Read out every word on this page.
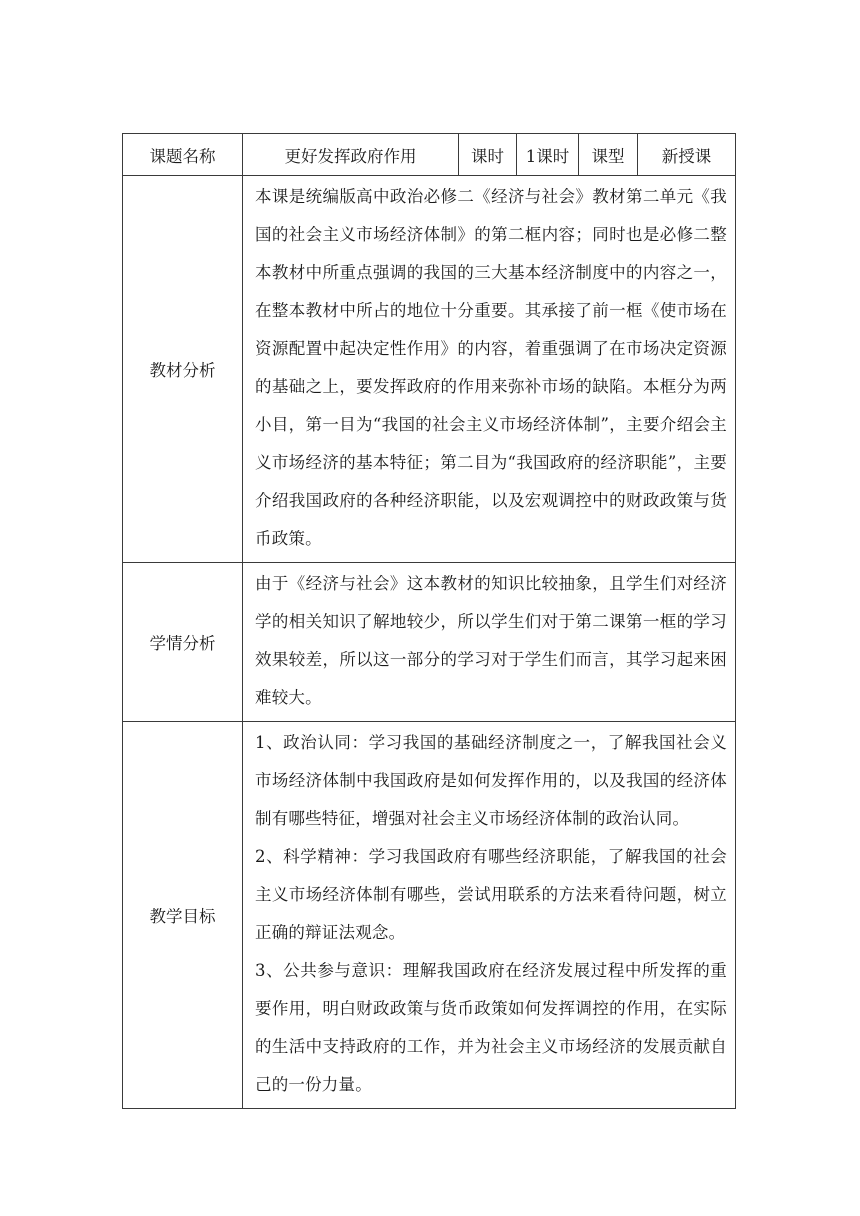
课题名称	更好发挥政府作用	课时	1课时	课型	新授课
教材分析	本课是统编版高中政治必修二《经济与社会》教材第二单元《我国的社会主义市场经济体制》的第二框内容；同时也是必修二整本教材中所重点强调的我国的三大基本经济制度中的内容之一，在整本教材中所占的地位十分重要。其承接了前一框《使市场在资源配置中起决定性作用》的内容，着重强调了在市场决定资源的基础之上，要发挥政府的作用来弥补市场的缺陷。本框分为两小目，第一目为“我国的社会主义市场经济体制”，主要介绍会主义市场经济的基本特征；第二目为“我国政府的经济职能”，主要介绍我国政府的各种经济职能，以及宏观调控中的财政政策与货币政策。				
学情分析	由于《经济与社会》这本教材的知识比较抽象，且学生们对经济学的相关知识了解地较少，所以学生们对于第二课第一框的学习效果较差，所以这一部分的学习对于学生们而言，其学习起来困难较大。				
教学目标	1、政治认同：学习我国的基础经济制度之一，了解我国社会义市场经济体制中我国政府是如何发挥作用的，以及我国的经济体制有哪些特征，增强对社会主义市场经济体制的政治认同。
2、科学精神：学习我国政府有哪些经济职能，了解我国的社会主义市场经济体制有哪些，尝试用联系的方法来看待问题，树立正确的辩证法观念。
3、公共参与意识：理解我国政府在经济发展过程中所发挥的重要作用，明白财政政策与货币政策如何发挥调控的作用，在实际的生活中支持政府的工作，并为社会主义市场经济的发展贡献自己的一份力量。				
